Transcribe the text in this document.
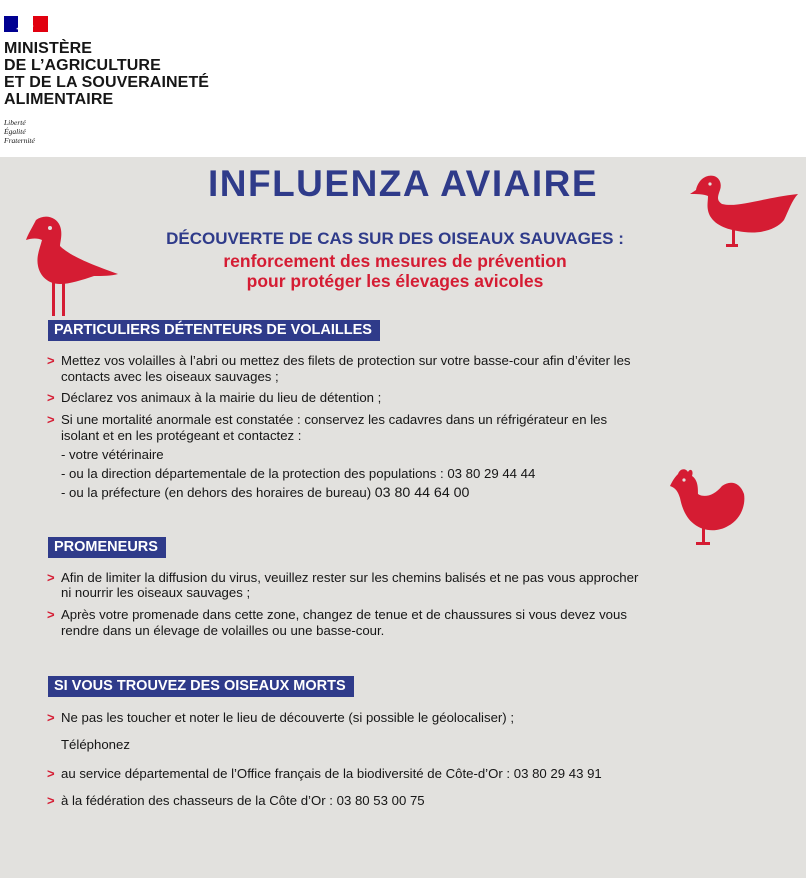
MINISTÈRE
DE L’AGRICULTURE
ET DE LA SOUVERAINETÉ
ALIMENTAIRE
Liberté
Égalité
Fraternité
INFLUENZA AVIAIRE
DÉCOUVERTE DE CAS SUR DES OISEAUX SAUVAGES :
renforcement des mesures de prévention
pour protéger les élevages avicoles
PARTICULIERS DÉTENTEURS DE VOLAILLES
> Mettez vos volailles à l’abri ou mettez des filets de protection sur votre basse-cour afin d’éviter les
contacts avec les oiseaux sauvages ;
> Déclarez vos animaux à la mairie du lieu de détention ;
> Si une mortalité anormale est constatée : conservez les cadavres dans un réfrigérateur en les
isolant et en les protégeant et contactez :
- votre vétérinaire
- ou la direction départementale de la protection des populations : 03 80 29 44 44
- ou la préfecture (en dehors des horaires de bureau) 03 80 44 64 00
PROMENEURS
> Afin de limiter la diffusion du virus, veuillez rester sur les chemins balisés et ne pas vous approcher
ni nourrir les oiseaux sauvages ;
> Après votre promenade dans cette zone, changez de tenue et de chaussures si vous devez vous
rendre dans un élevage de volailles ou une basse-cour.
SI VOUS TROUVEZ DES OISEAUX MORTS
> Ne pas les toucher et noter le lieu de découverte (si possible le géolocaliser) ;
Téléphonez
> au service départemental de l’Office français de la biodiversité de Côte-d’Or : 03 80 29 43 91
> à la fédération des chasseurs de la Côte d’Or : 03 80 53 00 75
